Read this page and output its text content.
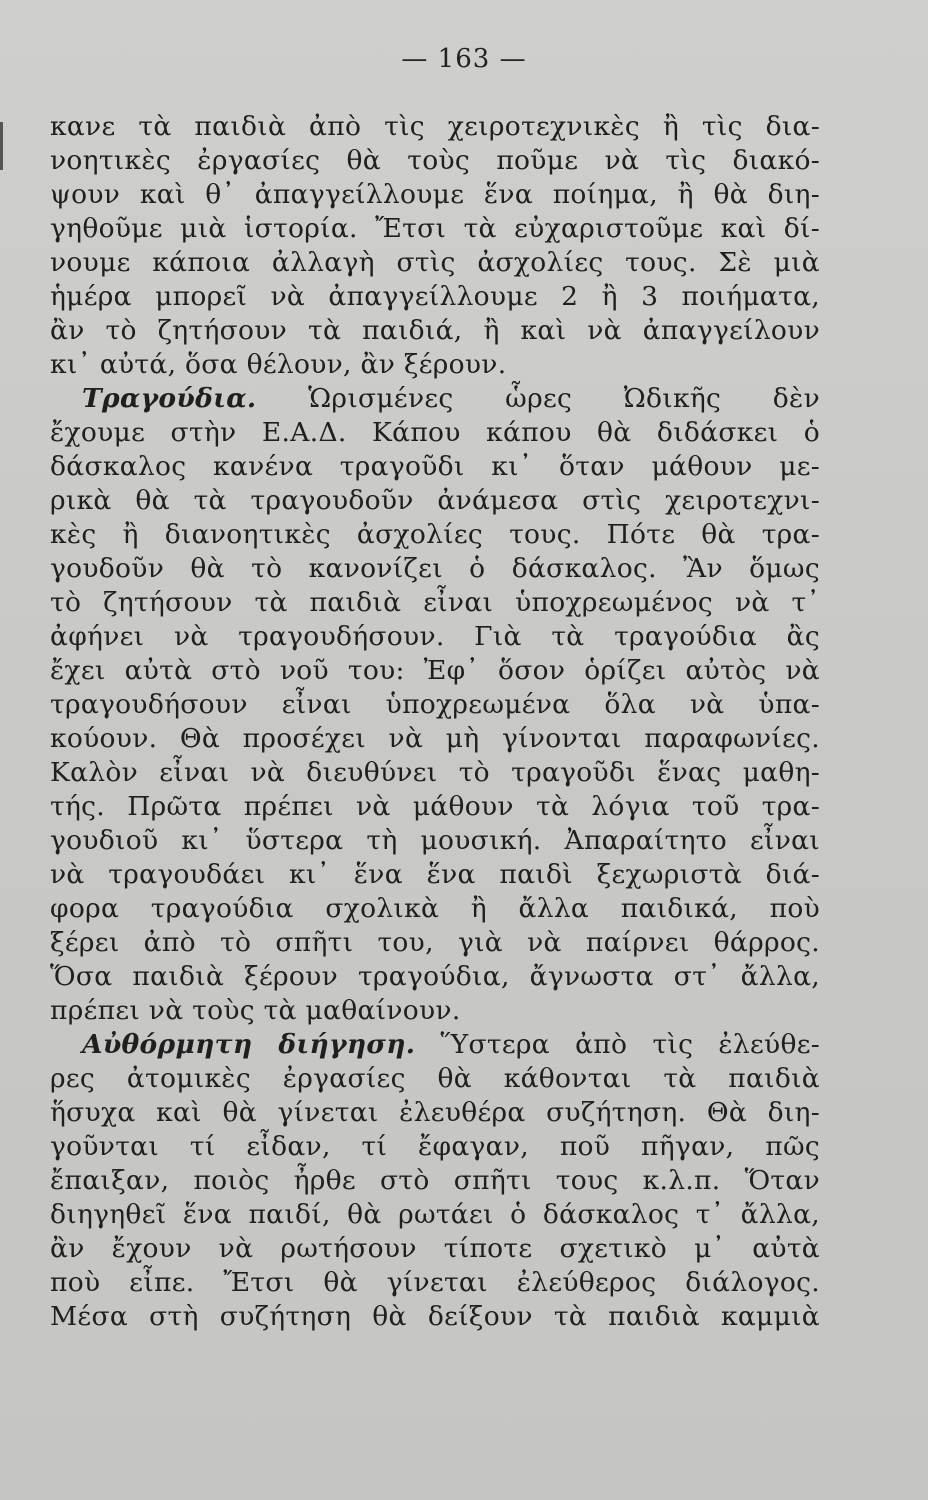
— 163 —
κανε τὰ παιδιὰ ἀπὸ τὶς χειροτεχνικὲς ἢ τὶς δια-
νοητικὲς ἐργασίες θὰ τοὺς ποῦμε νὰ τὶς διακό-
ψουν καὶ θ᾽ ἀπαγγείλλουμε ἕνα ποίημα, ἢ θὰ διη-
γηθοῦμε μιὰ ἱστορία. Ἔτσι τὰ εὐχαριστοῦμε καὶ δί-
νουμε κάποια ἀλλαγὴ στὶς ἀσχολίες τους. Σὲ μιὰ
ἡμέρα μπορεῖ νὰ ἀπαγγείλλουμε 2 ἢ 3 ποιήματα,
ἂν τὸ ζητήσουν τὰ παιδιά, ἢ καὶ νὰ ἀπαγγείλουν
κι᾽ αὐτά, ὅσα θέλουν, ἂν ξέρουν.
Τραγούδια. Ὡρισμένες ὧρες Ὠδικῆς δὲν
ἔχουμε στὴν Ε.Α.Δ. Κάπου κάπου θὰ διδάσκει ὁ
δάσκαλος κανένα τραγοῦδι κι᾽ ὅταν μάθουν με-
ρικὰ θὰ τὰ τραγουδοῦν ἀνάμεσα στὶς χειροτεχνι-
κὲς ἢ διανοητικὲς ἀσχολίες τους. Πότε θὰ τρα-
γουδοῦν θὰ τὸ κανονίζει ὁ δάσκαλος. Ἂν ὅμως
τὸ ζητήσουν τὰ παιδιὰ εἶναι ὑποχρεωμένος νὰ τ᾽
ἀφήνει νὰ τραγουδήσουν. Γιὰ τὰ τραγούδια ἂς
ἔχει αὐτὰ στὸ νοῦ του: Ἐφ᾽ ὅσον ὁρίζει αὐτὸς νὰ
τραγουδήσουν εἶναι ὑποχρεωμένα ὅλα νὰ ὑπα-
κούουν. Θὰ προσέχει νὰ μὴ γίνονται παραφωνίες.
Καλὸν εἶναι νὰ διευθύνει τὸ τραγοῦδι ἕνας μαθη-
τής. Πρῶτα πρέπει νὰ μάθουν τὰ λόγια τοῦ τρα-
γουδιοῦ κι᾽ ὕστερα τὴ μουσική. Ἀπαραίτητο εἶναι
νὰ τραγουδάει κι᾽ ἕνα ἕνα παιδὶ ξεχωριστὰ διά-
φορα τραγούδια σχολικὰ ἢ ἄλλα παιδικά, ποὺ
ξέρει ἀπὸ τὸ σπῆτι του, γιὰ νὰ παίρνει θάρρος.
Ὅσα παιδιὰ ξέρουν τραγούδια, ἄγνωστα στ᾽ ἄλλα,
πρέπει νὰ τοὺς τὰ μαθαίνουν.
Αὐθόρμητη διήγηση. Ὕστερα ἀπὸ τὶς ἐλεύθε-
ρες ἀτομικὲς ἐργασίες θὰ κάθονται τὰ παιδιὰ
ἥσυχα καὶ θὰ γίνεται ἐλευθέρα συζήτηση. Θὰ διη-
γοῦνται τί εἶδαν, τί ἔφαγαν, ποῦ πῆγαν, πῶς
ἔπαιξαν, ποιὸς ἦρθε στὸ σπῆτι τους κ.λ.π. Ὅταν
διηγηθεῖ ἕνα παιδί, θὰ ρωτάει ὁ δάσκαλος τ᾽ ἄλλα,
ἂν ἔχουν νὰ ρωτήσουν τίποτε σχετικὸ μ᾽ αὐτὰ
ποὺ εἶπε. Ἔτσι θὰ γίνεται ἐλεύθερος διάλογος.
Μέσα στὴ συζήτηση θὰ δείξουν τὰ παιδιὰ καμμιὰ
